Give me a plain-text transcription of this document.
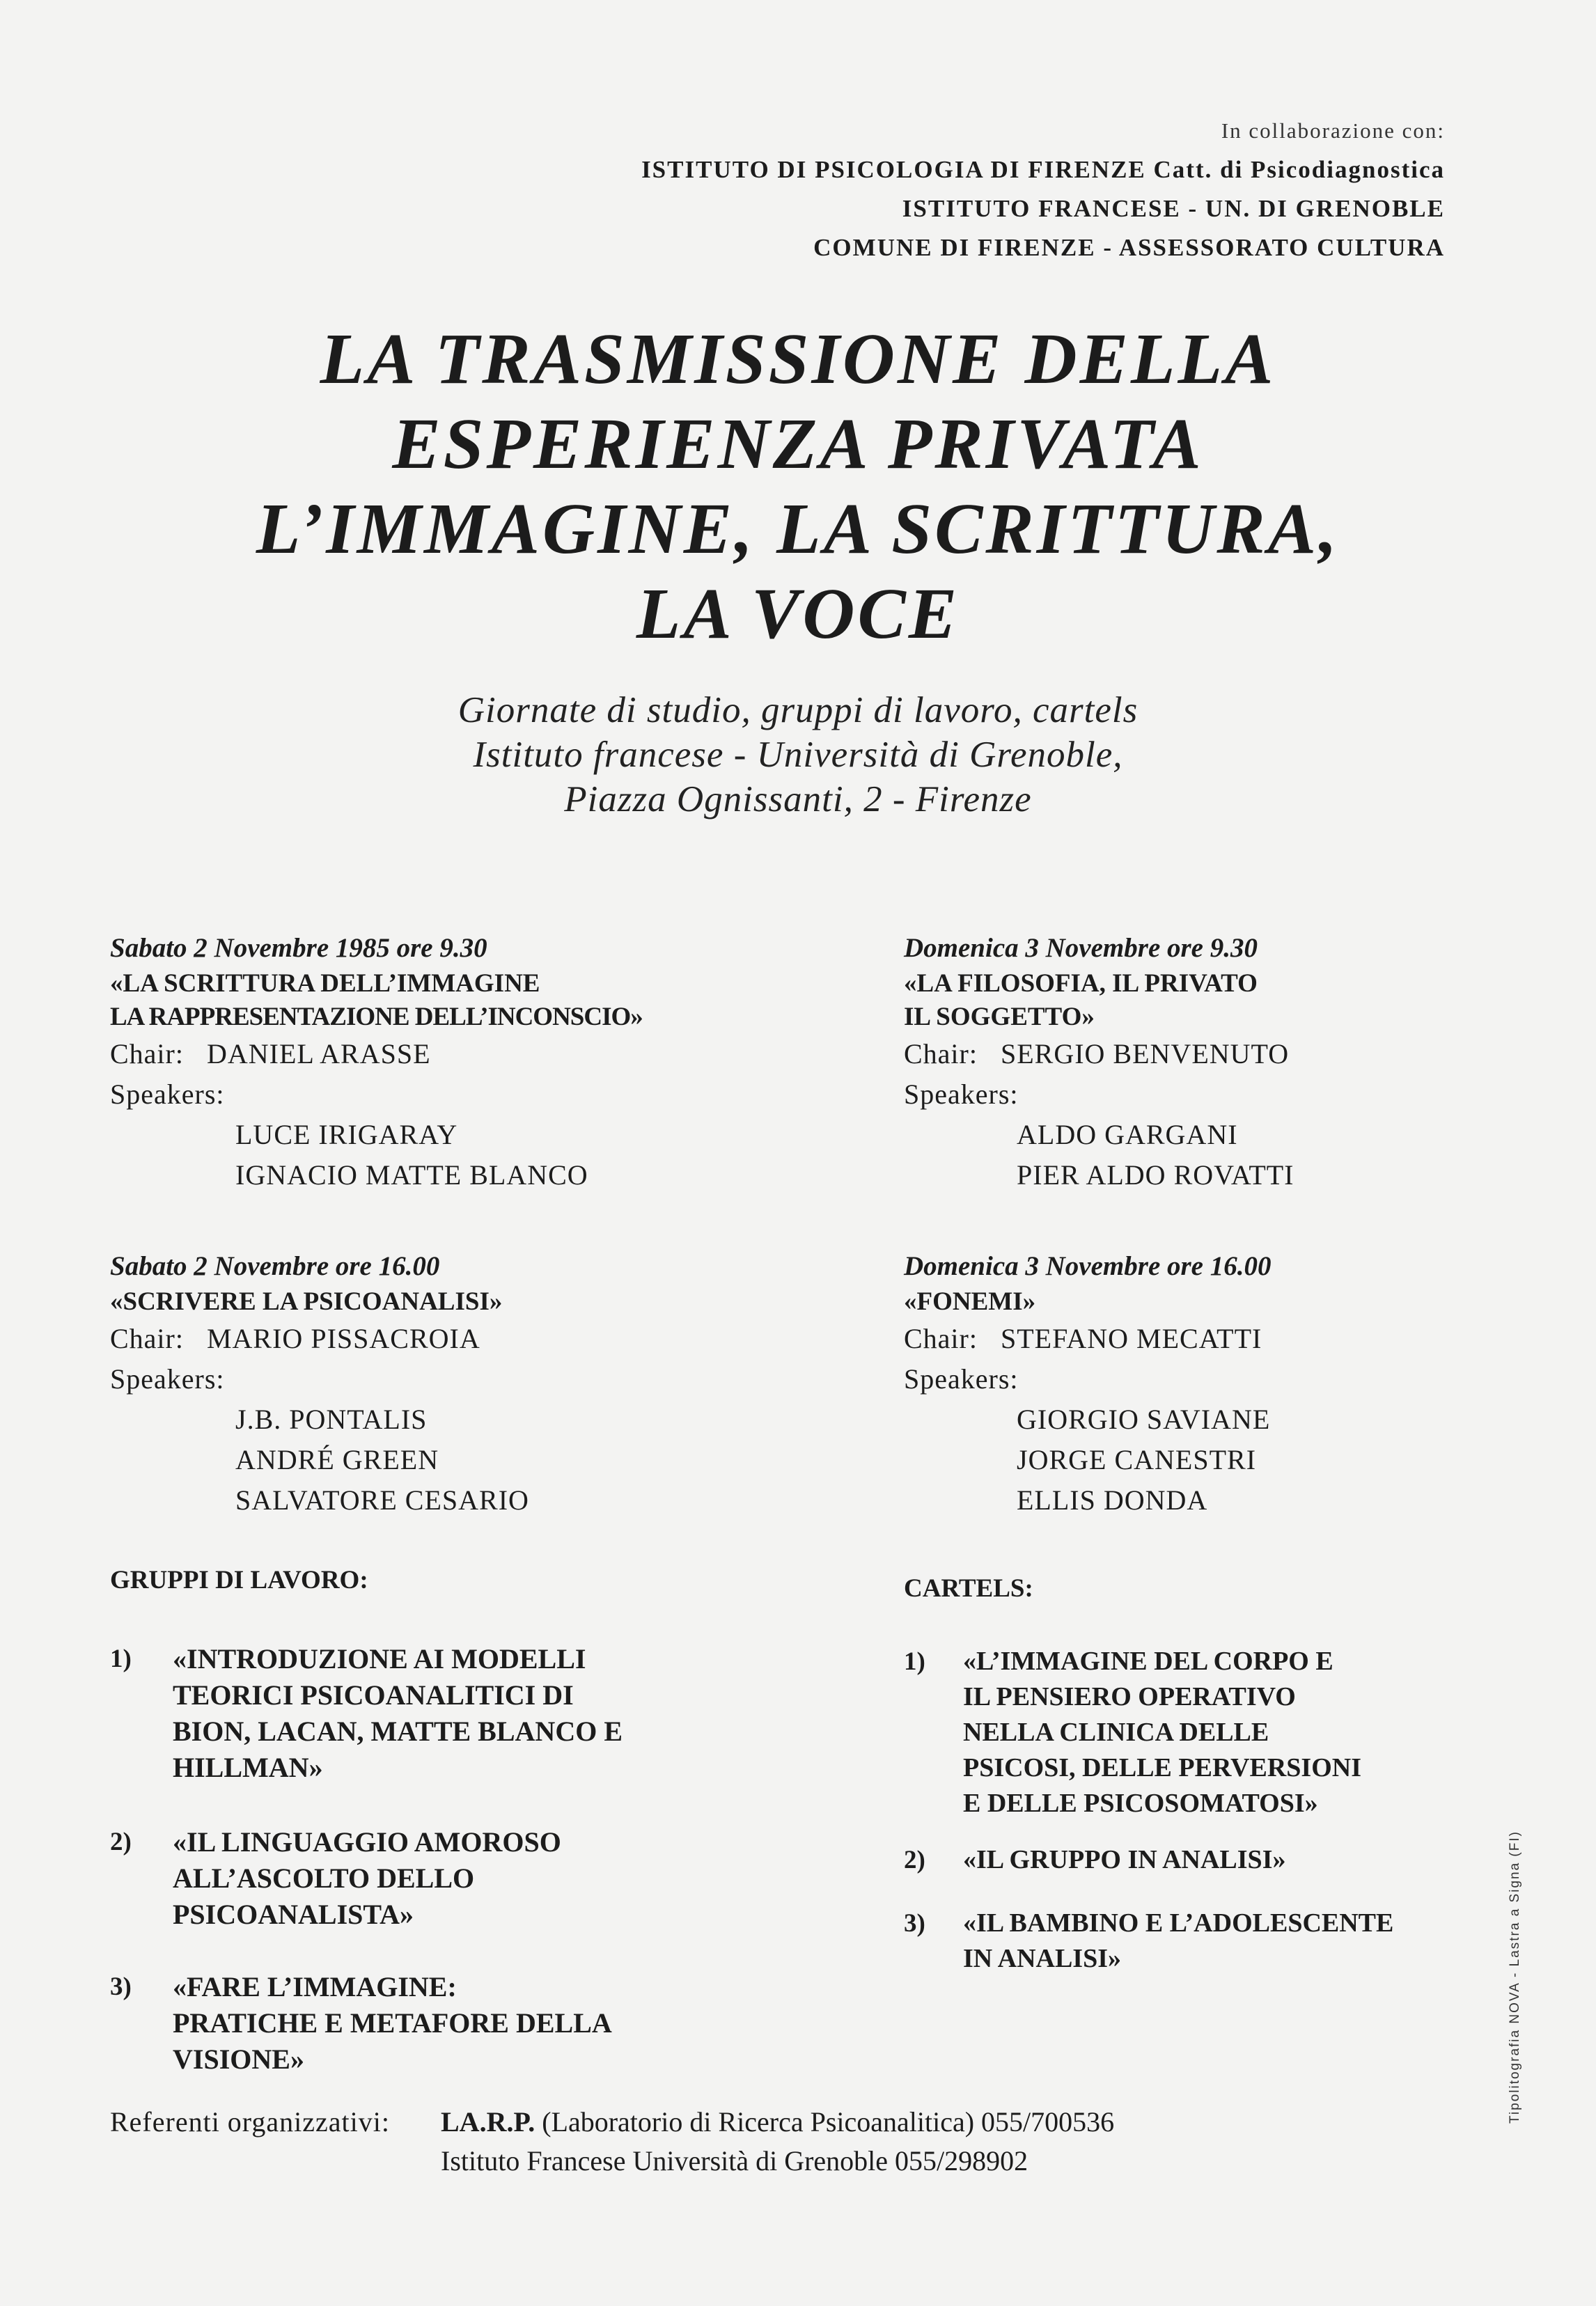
In collaborazione con:
ISTITUTO DI PSICOLOGIA DI FIRENZE Catt. di Psicodiagnostica
ISTITUTO FRANCESE - UN. DI GRENOBLE
COMUNE DI FIRENZE - ASSESSORATO CULTURA
LA TRASMISSIONE DELLA
ESPERIENZA PRIVATA
L’IMMAGINE, LA SCRITTURA,
LA VOCE
Giornate di studio, gruppi di lavoro, cartels
Istituto francese - Università di Grenoble,
Piazza Ognissanti, 2 - Firenze
Sabato 2 Novembre 1985 ore 9.30
«LA SCRITTURA DELL’IMMAGINE
LA RAPPRESENTAZIONE DELL’INCONSCIO»
Chair:   DANIEL ARASSE
Speakers:
LUCE IRIGARAY
IGNACIO MATTE BLANCO
Domenica 3 Novembre ore 9.30
«LA FILOSOFIA, IL PRIVATO
IL SOGGETTO»
Chair:   SERGIO BENVENUTO
Speakers:
ALDO GARGANI
PIER ALDO ROVATTI
Sabato 2 Novembre ore 16.00
«SCRIVERE LA PSICOANALISI»
Chair:   MARIO PISSACROIA
Speakers:
J.B. PONTALIS
ANDRÉ GREEN
SALVATORE CESARIO
Domenica 3 Novembre ore 16.00
«FONEMI»
Chair:   STEFANO MECATTI
Speakers:
GIORGIO SAVIANE
JORGE CANESTRI
ELLIS DONDA
GRUPPI DI LAVORO:
1) «INTRODUZIONE AI MODELLI
TEORICI PSICOANALITICI DI
BION, LACAN, MATTE BLANCO E
HILLMAN»
2) «IL LINGUAGGIO AMOROSO
ALL’ASCOLTO DELLO
PSICOANALISTA»
3) «FARE L’IMMAGINE:
PRATICHE E METAFORE DELLA
VISIONE»
CARTELS:
1) «L’IMMAGINE DEL CORPO E
IL PENSIERO OPERATIVO
NELLA CLINICA DELLE
PSICOSI, DELLE PERVERSIONI
E DELLE PSICOSOMATOSI»
2) «IL GRUPPO IN ANALISI»
3) «IL BAMBINO E L’ADOLESCENTE
IN ANALISI»
Referenti organizzativi: LA.R.P. (Laboratorio di Ricerca Psicoanalitica) 055/700536
Istituto Francese Università di Grenoble 055/298902
Tipolitografia NOVA - Lastra a Signa (FI)
